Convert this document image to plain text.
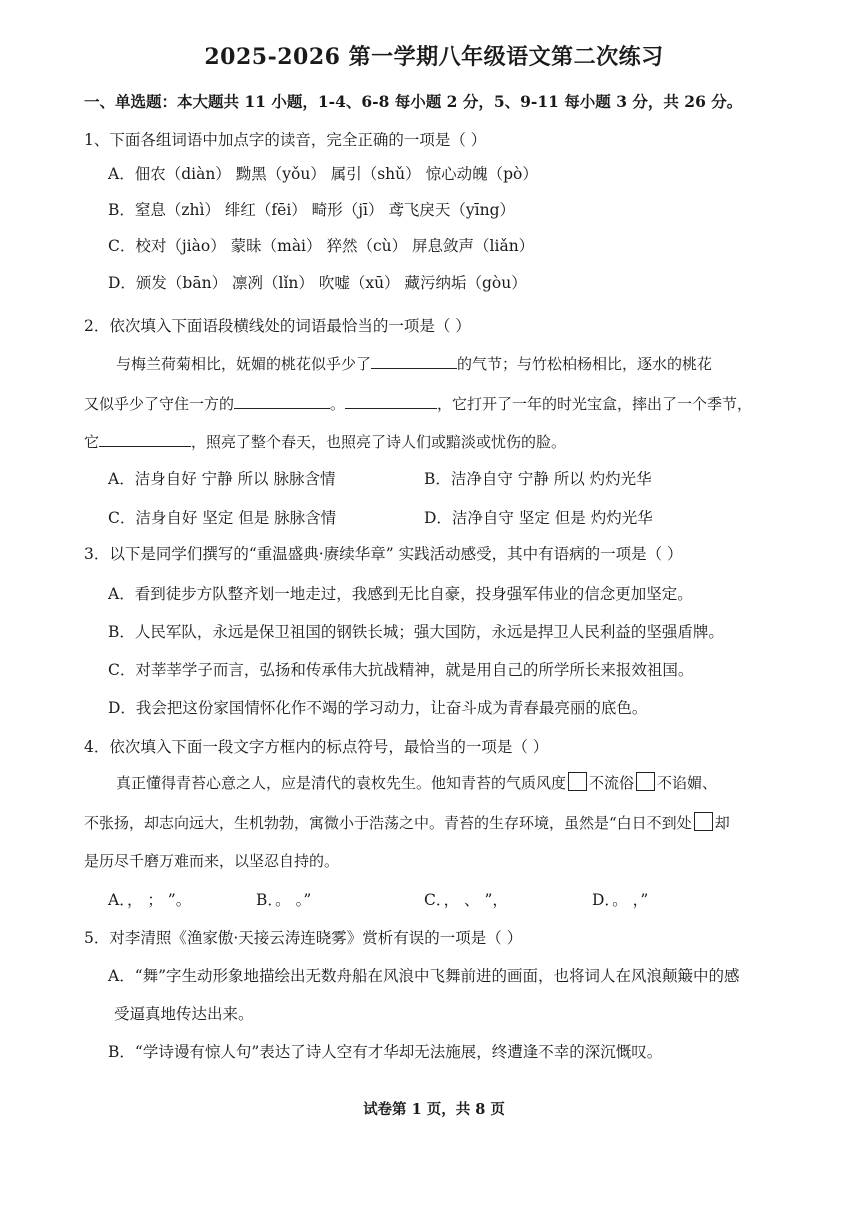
2025-2026 第一学期八年级语文第二次练习
一、单选题：本大题共 11 小题，1-4、6-8 每小题 2 分，5、9-11 每小题 3 分，共 26 分。
1、下面各组词语中加点字的读音，完全正确的一项是（ ）
A．佃农（diàn） 黝黑（yǒu） 属引（shǔ） 惊心动魄（pò）
B．窒息（zhì） 绯红（fēi） 畸形（jī） 鸢飞戾天（yīng）
C．校对（jiào） 蒙昧（mài） 猝然（cù） 屏息敛声（liǎn）
D．颁发（bān） 凛冽（lǐn） 吹嘘（xū） 藏污纳垢（gòu）
2．依次填入下面语段横线处的词语最恰当的一项是（ ）
与梅兰荷菊相比，妩媚的桃花似乎少了	的气节；与竹松柏杨相比，逐水的桃花
又似乎少了守住一方的	。	，它打开了一年的时光宝盒，摔出了一个季节，
它	，照亮了整个春天，也照亮了诗人们或黯淡或忧伤的脸。
A．洁身自好 宁静 所以 脉脉含情	B．洁净自守 宁静 所以 灼灼光华
C．洁身自好 坚定 但是 脉脉含情	D．洁净自守 坚定 但是 灼灼光华
3．以下是同学们撰写的“重温盛典·赓续华章” 实践活动感受，其中有语病的一项是（ ）
A．看到徒步方队整齐划一地走过，我感到无比自豪，投身强军伟业的信念更加坚定。
B．人民军队，永远是保卫祖国的钢铁长城；强大国防，永远是捍卫人民利益的坚强盾牌。
C．对莘莘学子而言，弘扬和传承伟大抗战精神，就是用自己的所学所长来报效祖国。
D．我会把这份家国情怀化作不竭的学习动力，让奋斗成为青春最亮丽的底色。
4．依次填入下面一段文字方框内的标点符号，最恰当的一项是（ ）
真正懂得青苔心意之人，应是清代的袁枚先生。他知青苔的气质风度 不流俗 不谄媚、
不张扬，却志向远大，生机勃勃，寓微小于浩荡之中。青苔的生存环境，虽然是“白日不到处 却
是历尽千磨万难而来，以坚忍自持的。
A．， ； ”。	B．。 。”	C．， 、 ”，	D．。 ，”
5．对李清照《渔家傲·天接云涛连晓雾》赏析有误的一项是（ ）
A．“舞”字生动形象地描绘出无数舟船在风浪中飞舞前进的画面，也将词人在风浪颠簸中的感
受逼真地传达出来。
B．“学诗谩有惊人句”表达了诗人空有才华却无法施展，终遭逢不幸的深沉慨叹。
试卷第 1 页，共 8 页
